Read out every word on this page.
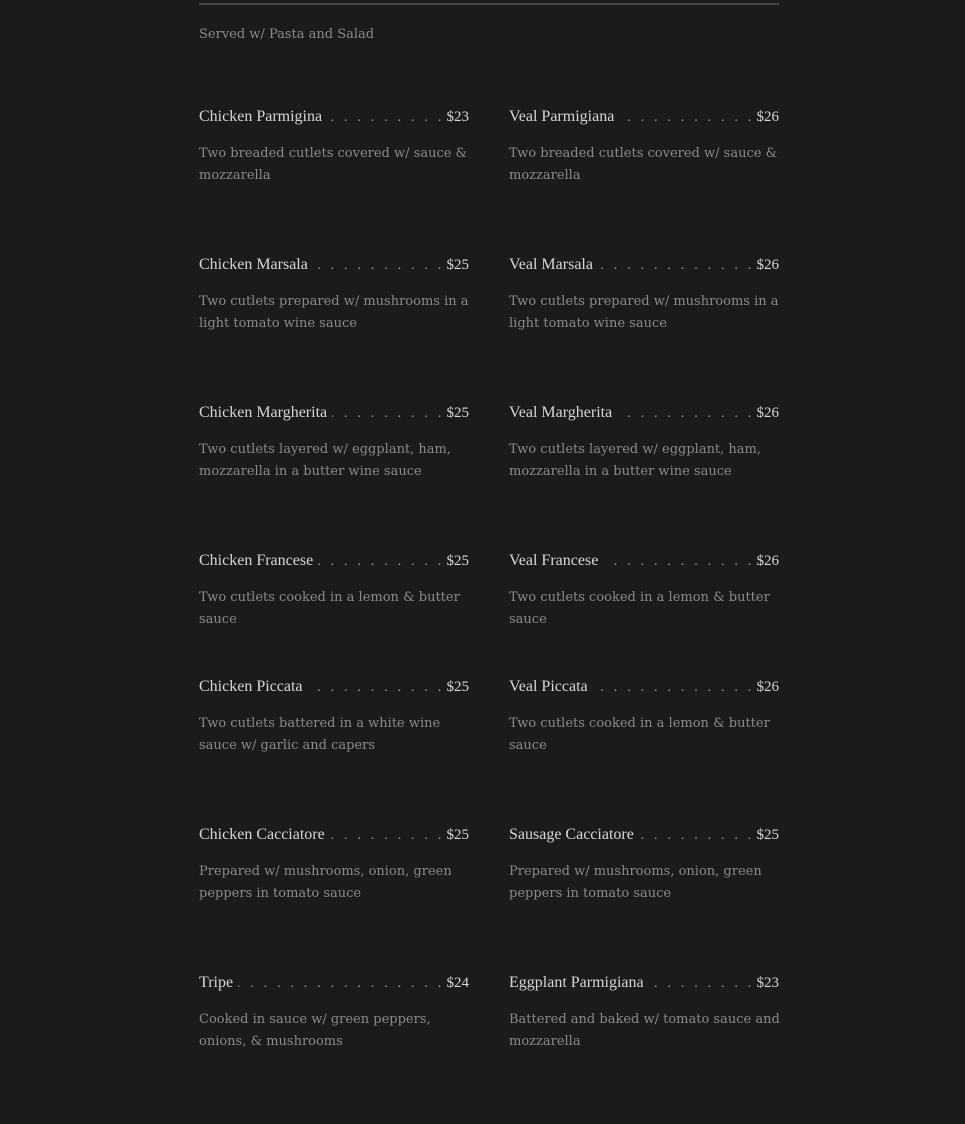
Served w/ Pasta and Salad
Chicken Parmigina . . .	$23
Two breaded cutlets covered w/ sauce & mozzarella
Veal Parmigiana . . .	$26
Two breaded cutlets covered w/ sauce & mozzarella
Chicken Marsala . . .	$25
Two cutlets prepared w/ mushrooms in a light tomato wine sauce
Veal Marsala . . .	$26
Two cutlets prepared w/ mushrooms in a light tomato wine sauce
Chicken Margherita . . .	$25
Two cutlets layered w/ eggplant, ham, mozzarella in a butter wine sauce
Veal Margherita . . .	$26
Two cutlets layered w/ eggplant, ham, mozzarella in a butter wine sauce
Chicken Francese . . .	$25
Two cutlets cooked in a lemon & butter sauce
Veal Francese . . .	$26
Two cutlets cooked in a lemon & butter sauce
Chicken Piccata . . .	$25
Two cutlets battered in a white wine sauce w/ garlic and capers
Veal Piccata . . .	$26
Two cutlets cooked in a lemon & butter sauce
Chicken Cacciatore . . .	$25
Prepared w/ mushrooms, onion, green peppers in tomato sauce
Sausage Cacciatore . . .	$25
Prepared w/ mushrooms, onion, green peppers in tomato sauce
Tripe . . .	$24
Cooked in sauce w/ green peppers, onions, & mushrooms
Eggplant Parmigiana . . .	$23
Battered and baked w/ tomato sauce and mozzarella
